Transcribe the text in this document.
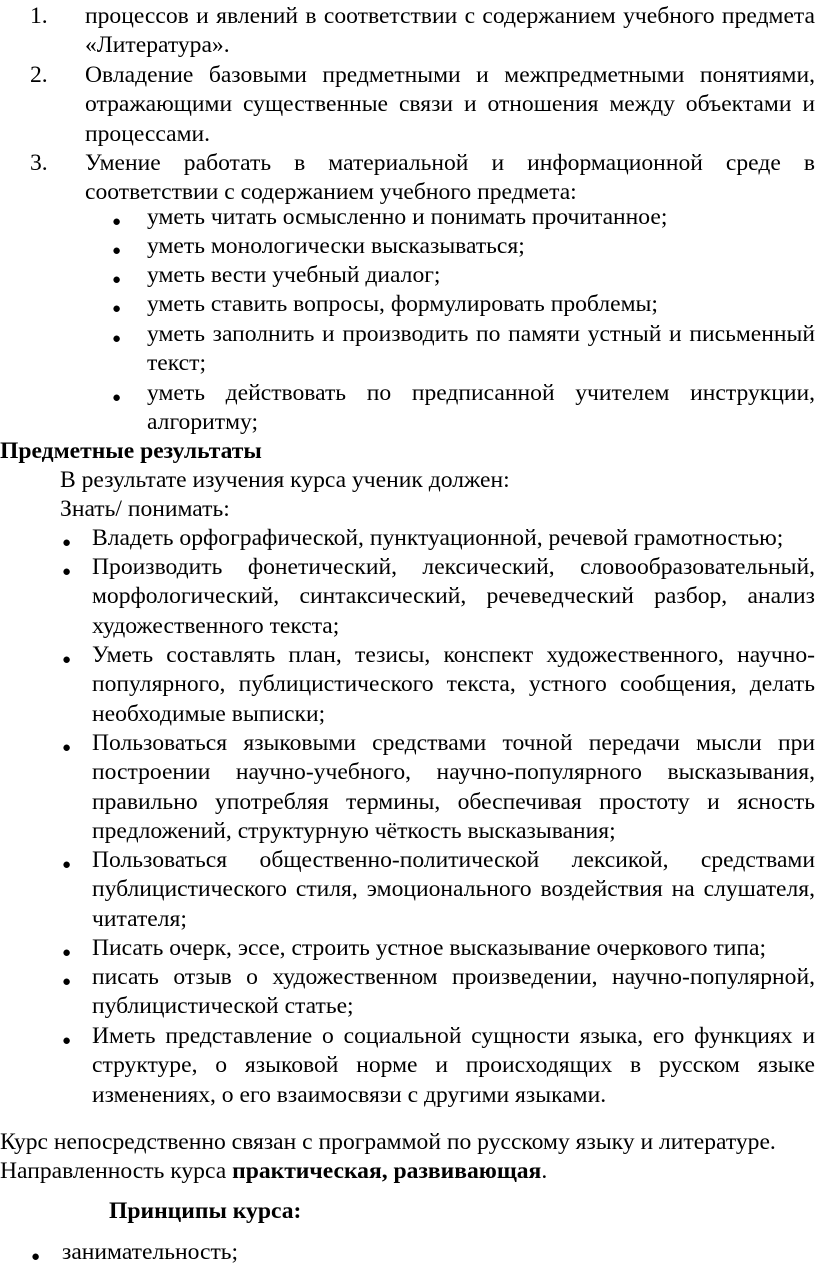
1. процессов и явлений в соответствии с содержанием учебного предмета «Литература».
2. Овладение базовыми предметными и межпредметными понятиями, отражающими существенные связи и отношения между объектами и процессами.
3. Умение работать в материальной и информационной среде в соответствии с содержанием учебного предмета:
● уметь читать осмысленно и понимать прочитанное;
● уметь монологически высказываться;
● уметь вести учебный диалог;
● уметь ставить вопросы, формулировать проблемы;
● уметь заполнить и производить по памяти устный и письменный текст;
● уметь действовать по предписанной учителем инструкции, алгоритму;
Предметные результаты
В результате изучения курса ученик должен:
Знать/ понимать:
● Владеть орфографической, пунктуационной, речевой грамотностью;
● Производить фонетический, лексический, словообразовательный, морфологический, синтаксический, речеведческий разбор, анализ художественного текста;
● Уметь составлять план, тезисы, конспект художественного, научно-популярного, публицистического текста, устного сообщения, делать необходимые выписки;
● Пользоваться языковыми средствами точной передачи мысли при построении научно-учебного, научно-популярного высказывания, правильно употребляя термины, обеспечивая простоту и ясность предложений, структурную чёткость высказывания;
● Пользоваться общественно-политической лексикой, средствами публицистического стиля, эмоционального воздействия на слушателя, читателя;
● Писать очерк, эссе, строить устное высказывание очеркового типа;
● писать отзыв о художественном произведении, научно-популярной, публицистической статье;
● Иметь представление о социальной сущности языка, его функциях и структуре, о языковой норме и происходящих в русском языке изменениях, о его взаимосвязи с другими языками.
Курс непосредственно связан с программой по русскому языку и литературе.
Направленность курса практическая, развивающая.
Принципы курса:
● занимательность;
